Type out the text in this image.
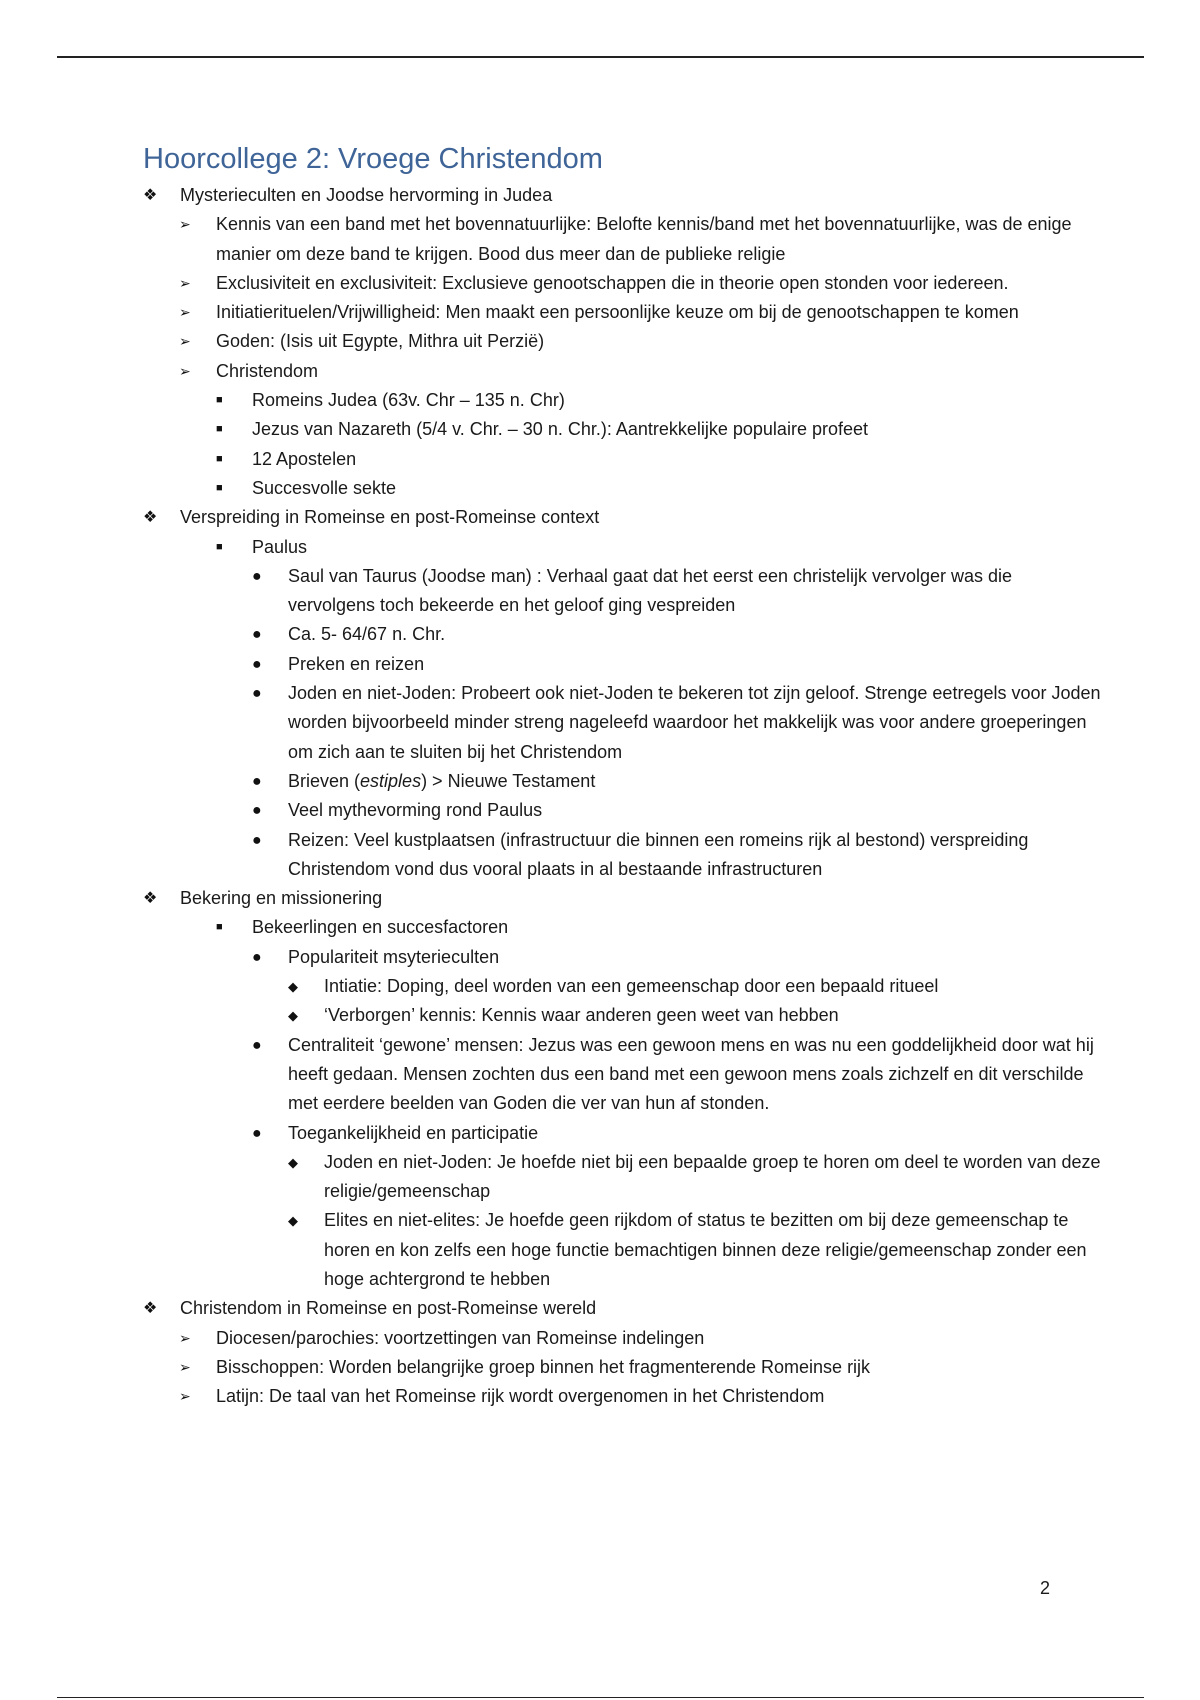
Hoorcollege 2: Vroege Christendom
❖	Mysterieculten en Joodse hervorming in Judea
➢	Kennis van een band met het bovennatuurlijke: Belofte kennis/band met het bovennatuurlijke, was de enige manier om deze band te krijgen. Bood dus meer dan de publieke religie
➢	Exclusiviteit en exclusiviteit: Exclusieve genootschappen die in theorie open stonden voor iedereen.
➢	Initiatierituelen/Vrijwilligheid: Men maakt een persoonlijke keuze om bij de genootschappen te komen
➢	Goden: (Isis uit Egypte, Mithra uit Perzië)
➢	Christendom
■	Romeins Judea (63v. Chr – 135 n. Chr)
■	Jezus van Nazareth (5/4 v. Chr. – 30 n. Chr.): Aantrekkelijke populaire profeet
■	12 Apostelen
■	Succesvolle sekte
❖	Verspreiding in Romeinse en post-Romeinse context
■	Paulus
●	Saul van Taurus (Joodse man) : Verhaal gaat dat het eerst een christelijk vervolger was die vervolgens toch bekeerde en het geloof ging vespreiden
●	Ca. 5- 64/67 n. Chr.
●	Preken en reizen
●	Joden en niet-Joden: Probeert ook niet-Joden te bekeren tot zijn geloof. Strenge eetregels voor Joden worden bijvoorbeeld minder streng nageleefd waardoor het makkelijk was voor andere groeperingen om zich aan te sluiten bij het Christendom
●	Brieven (estiples) > Nieuwe Testament
●	Veel mythevorming rond Paulus
●	Reizen: Veel kustplaatsen (infrastructuur die binnen een romeins rijk al bestond) verspreiding Christendom vond dus vooral plaats in al bestaande infrastructuren
❖	Bekering en missionering
■	Bekeerlingen en succesfactoren
●	Populariteit msyterieculten
◆	Intiatie: Doping, deel worden van een gemeenschap door een bepaald ritueel
◆	‘Verborgen’ kennis: Kennis waar anderen geen weet van hebben
●	Centraliteit ‘gewone’ mensen: Jezus was een gewoon mens en was nu een goddelijkheid door wat hij heeft gedaan. Mensen zochten dus een band met een gewoon mens zoals zichzelf en dit verschilde met eerdere beelden van Goden die ver van hun af stonden.
●	Toegankelijkheid en participatie
◆	Joden en niet-Joden: Je hoefde niet bij een bepaalde groep te horen om deel te worden van deze religie/gemeenschap
◆	Elites en niet-elites: Je hoefde geen rijkdom of status te bezitten om bij deze gemeenschap te horen en kon zelfs een hoge functie bemachtigen binnen deze religie/gemeenschap zonder een hoge achtergrond te hebben
❖	Christendom in Romeinse en post-Romeinse wereld
➢	Diocesen/parochies: voortzettingen van Romeinse indelingen
➢	Bisschoppen: Worden belangrijke groep binnen het fragmenterende Romeinse rijk
➢	Latijn: De taal van het Romeinse rijk wordt overgenomen in het Christendom
2
